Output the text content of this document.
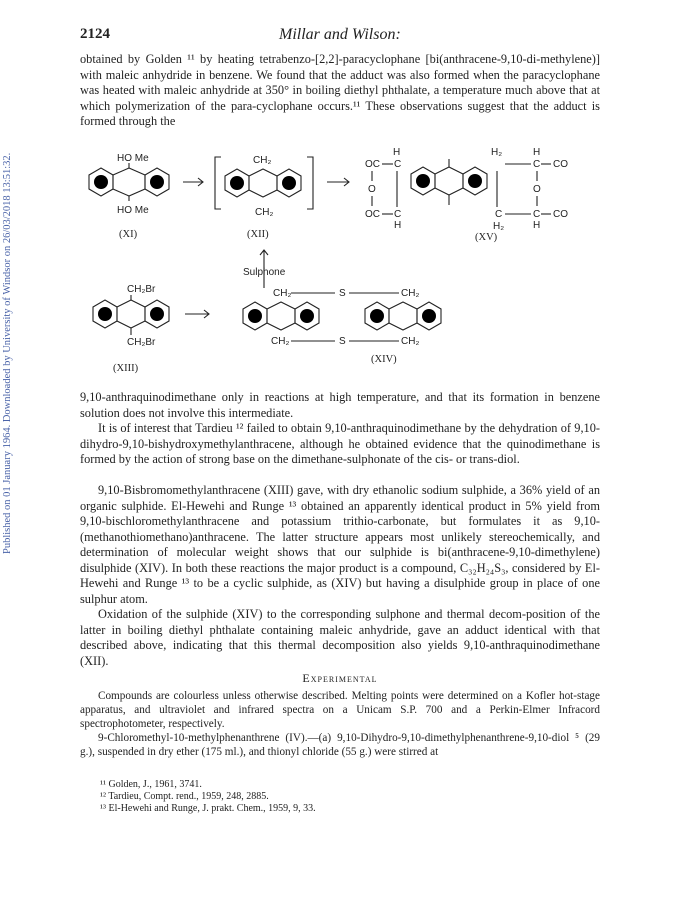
Published on 01 January 1964. Downloaded by University of Windsor on 26/03/2018 13:51:32.
2124	Millar and Wilson:

obtained by Golden ¹¹ by heating tetrabenzo-[2,2]-paracyclophane [bi(anthracene-9,10-di-methylene)] with maleic anhydride in benzene. We found that the adduct was also formed when the paracyclophane was heated with maleic anhydride at 350° in boiling diethyl phthalate, a temperature much above that at which polymerization of the para-cyclophane occurs.¹¹ These observations suggest that the adduct is formed through the

HO Me
HO Me
(XI)
CH₂
CH₂
(XII)
H	H₂	H
OC C	C CO
O	O
OC C	C	C CO
H	H₂	H
(XV)
Sulphone
CH₂Br
CH₂Br
(XIII)
CH₂	S	CH₂
CH₂	S	CH₂
(XIV)

9,10-anthraquinodimethane only in reactions at high temperature, and that its formation in benzene solution does not involve this intermediate.

It is of interest that Tardieu ¹² failed to obtain 9,10-anthraquinodimethane by the dehydration of 9,10-dihydro-9,10-bishydroxymethylanthracene, although he obtained evidence that the quinodimethane is formed by the action of strong base on the dimethane-sulphonate of the cis- or trans-diol.

9,10-Bisbromomethylanthracene (XIII) gave, with dry ethanolic sodium sulphide, a 36% yield of an organic sulphide. El-Hewehi and Runge ¹³ obtained an apparently identical product in 5% yield from 9,10-bischloromethylanthracene and potassium trithio-carbonate, but formulates it as 9,10-(methanothiomethano)anthracene. The latter structure appears most unlikely stereochemically, and determination of molecular weight shows that our sulphide is bi(anthracene-9,10-dimethylene) disulphide (XIV). In both these reactions the major product is a compound, C₃₂H₂₄S₃, considered by El-Hewehi and Runge ¹³ to be a cyclic sulphide, as (XIV) but having a disulphide group in place of one sulphur atom.

Oxidation of the sulphide (XIV) to the corresponding sulphone and thermal decom-position of the latter in boiling diethyl phthalate containing maleic anhydride, gave an adduct identical with that described above, indicating that this thermal decomposition also yields 9,10-anthraquinodimethane (XII).

Experimental

Compounds are colourless unless otherwise described. Melting points were determined on a Kofler hot-stage apparatus, and ultraviolet and infrared spectra on a Unicam S.P. 700 and a Perkin-Elmer Infracord spectrophotometer, respectively.

9-Chloromethyl-10-methylphenanthrene (IV).—(a) 9,10-Dihydro-9,10-dimethylphenanthrene-9,10-diol ⁵ (29 g.), suspended in dry ether (175 ml.), and thionyl chloride (55 g.) were stirred at

¹¹ Golden, J., 1961, 3741.
¹² Tardieu, Compt. rend., 1959, 248, 2885.
¹³ El-Hewehi and Runge, J. prakt. Chem., 1959, 9, 33.
